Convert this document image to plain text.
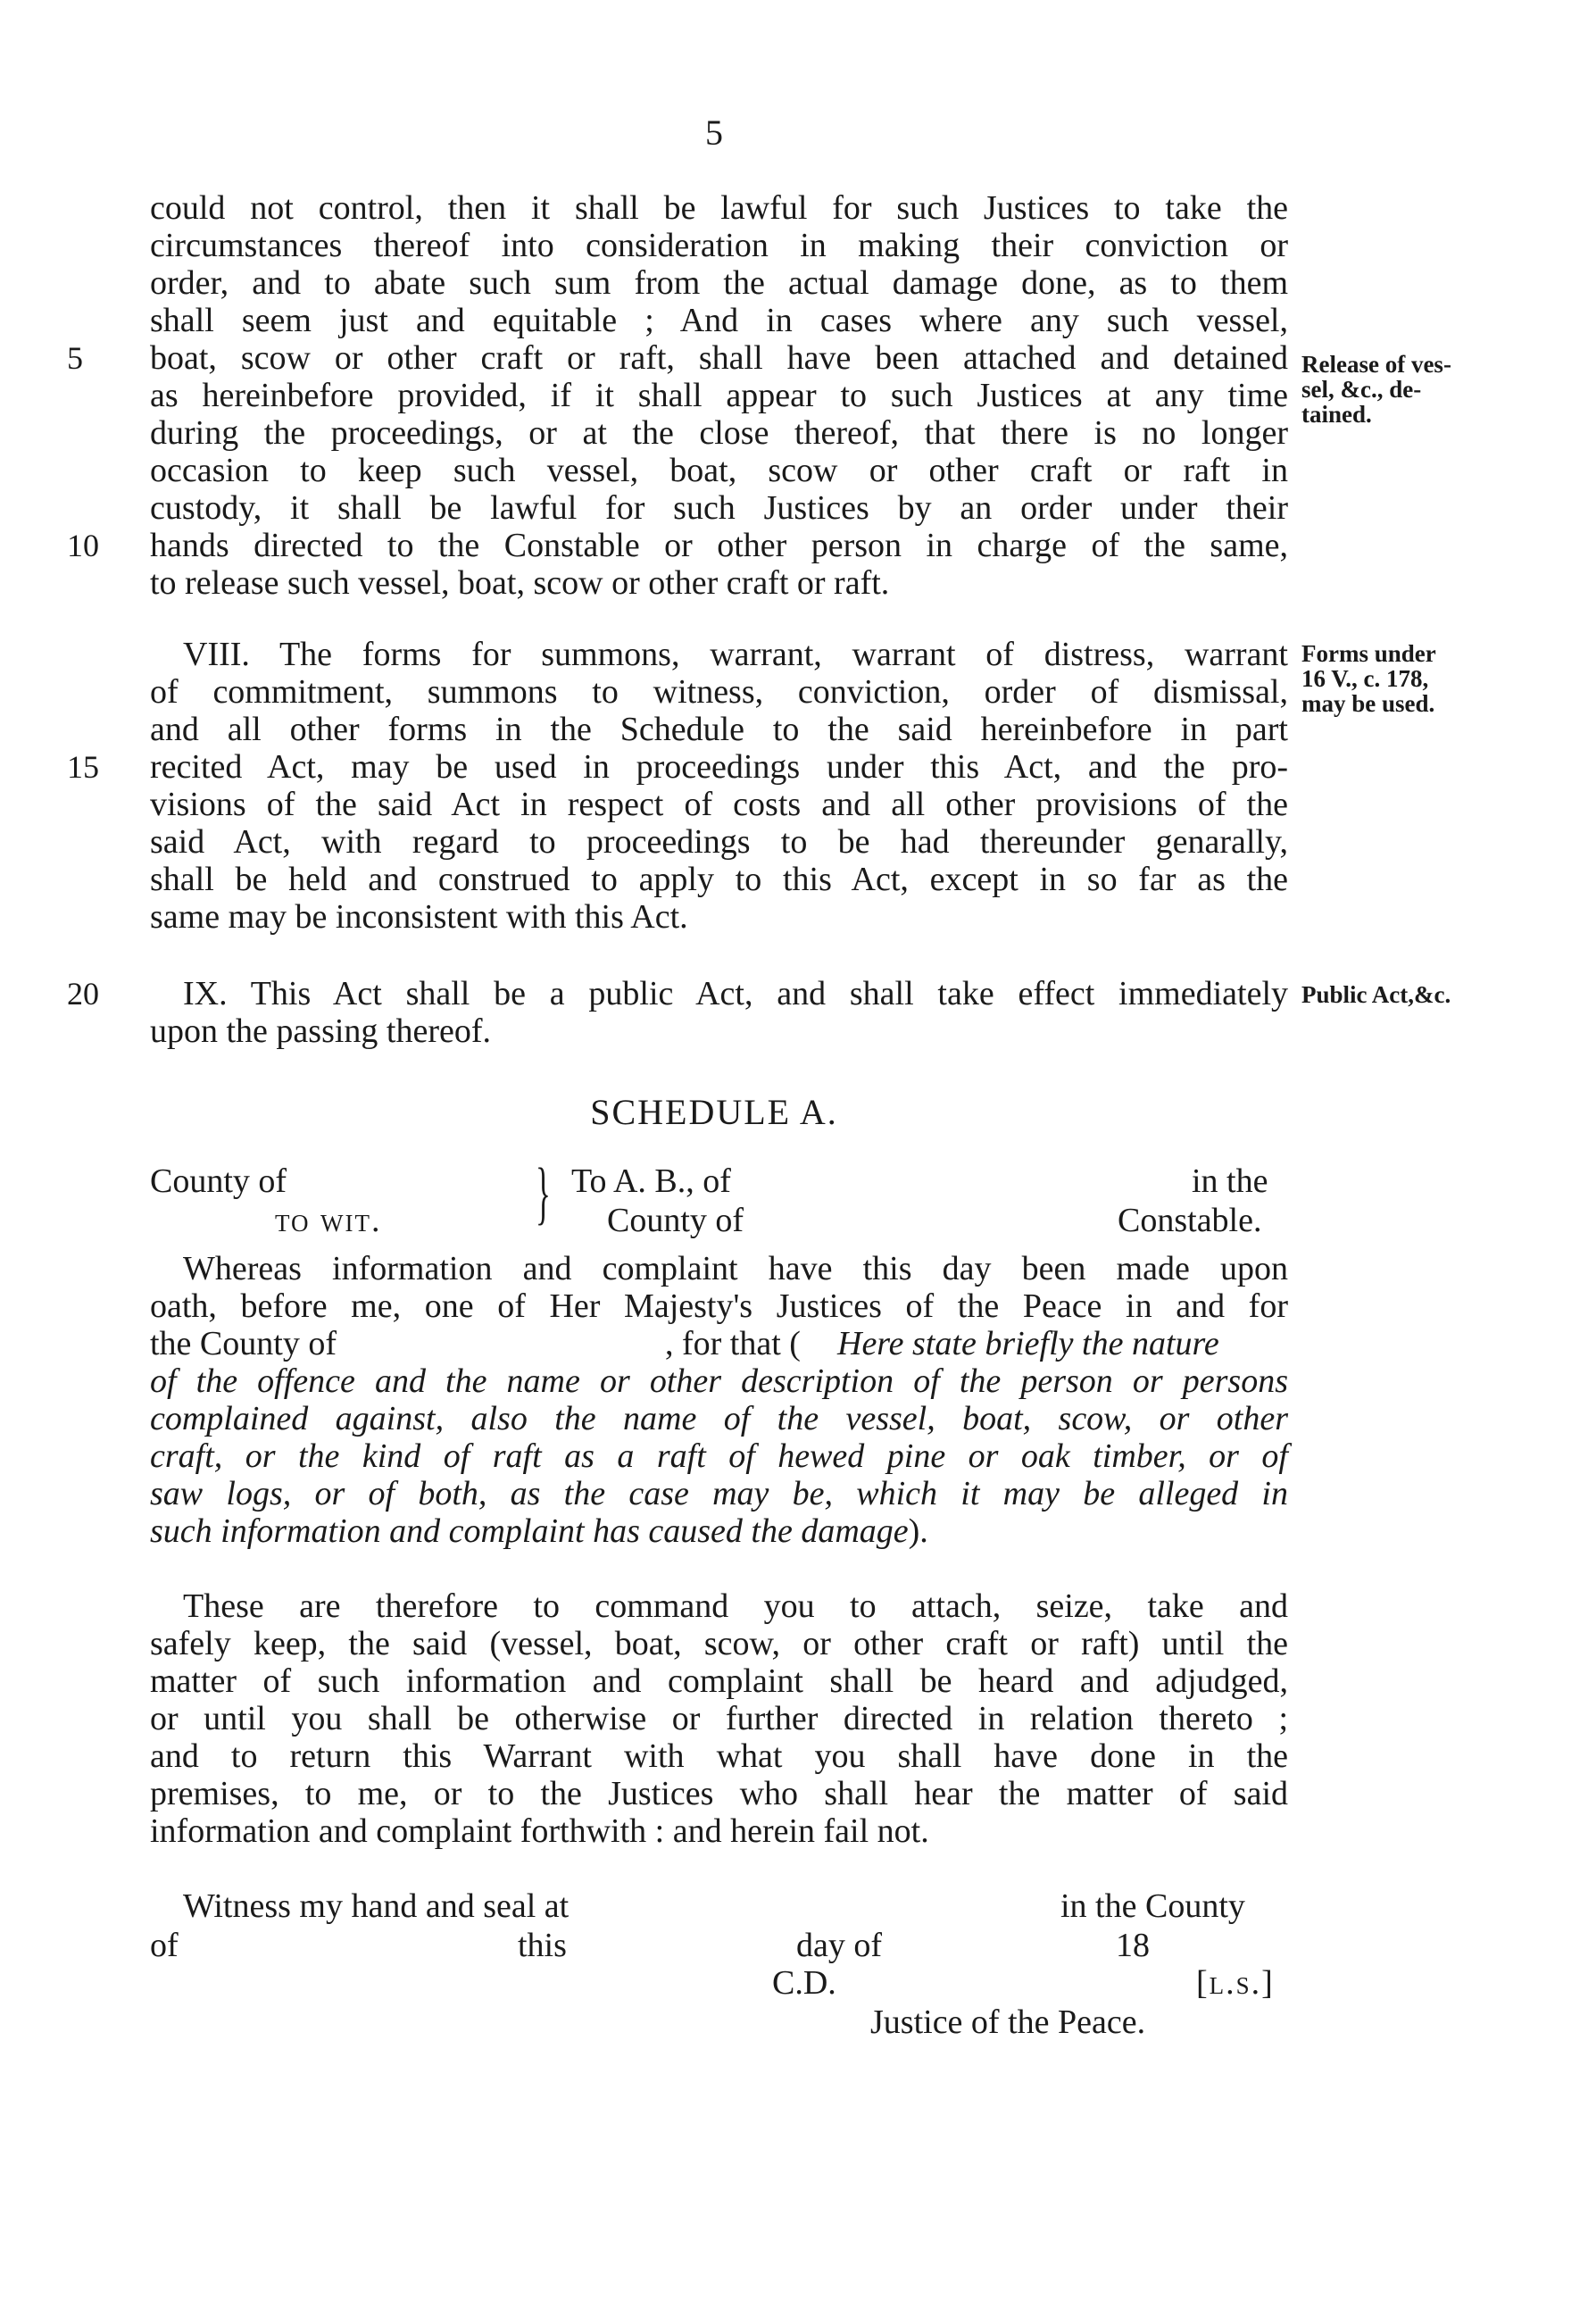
5
could not control, then it shall be lawful for such Justices to take the
circumstances thereof into consideration in making their conviction or
order, and to abate such sum from the actual damage done, as to them
shall seem just and equitable ; And in cases where any such vessel,
5	boat, scow or other craft or raft, shall have been attached and detained
as hereinbefore provided, if it shall appear to such Justices at any time
during the proceedings, or at the close thereof, that there is no longer
occasion to keep such vessel, boat, scow or other craft or raft in
custody, it shall be lawful for such Justices by an order under their
10	hands directed to the Constable or other person in charge of the same,
to release such vessel, boat, scow or other craft or raft.
Release of ves-
sel, &c., de-
tained.
VIII. The forms for summons, warrant, warrant of distress, warrant
of commitment, summons to witness, conviction, order of dismissal,
and all other forms in the Schedule to the said hereinbefore in part
15	recited Act, may be used in proceedings under this Act, and the pro-
visions of the said Act in respect of costs and all other provisions of the
said Act, with regard to proceedings to be had thereunder genarally,
shall be held and construed to apply to this Act, except in so far as the
same may be inconsistent with this Act.
Forms under
16 V., c. 178,
may be used.
20	IX. This Act shall be a public Act, and shall take effect immediately
upon the passing thereof.
Public Act,&c.
SCHEDULE A.
County of
to wit. } To A. B., of
County of
in the
Constable.
Whereas information and complaint have this day been made upon
oath, before me, one of Her Majesty's Justices of the Peace in and for
the County of	, for that ( Here state briefly the nature
of the offence and the name or other description of the person or persons
complained against, also the name of the vessel, boat, scow, or other
craft, or the kind of raft as a raft of hewed pine or oak timber, or of
saw logs, or of both, as the case may be, which it may be alleged in
such information and complaint has caused the damage).
These are therefore to command you to attach, seize, take and
safely keep, the said (vessel, boat, scow, or other craft or raft) until the
matter of such information and complaint shall be heard and adjudged,
or until you shall be otherwise or further directed in relation thereto ;
and to return this Warrant with what you shall have done in the
premises, to me, or to the Justices who shall hear the matter of said
information and complaint forthwith : and herein fail not.
Witness my hand and seal at	in the County
of	this	day of	18
C.D.	[l.s.]
Justice of the Peace.
